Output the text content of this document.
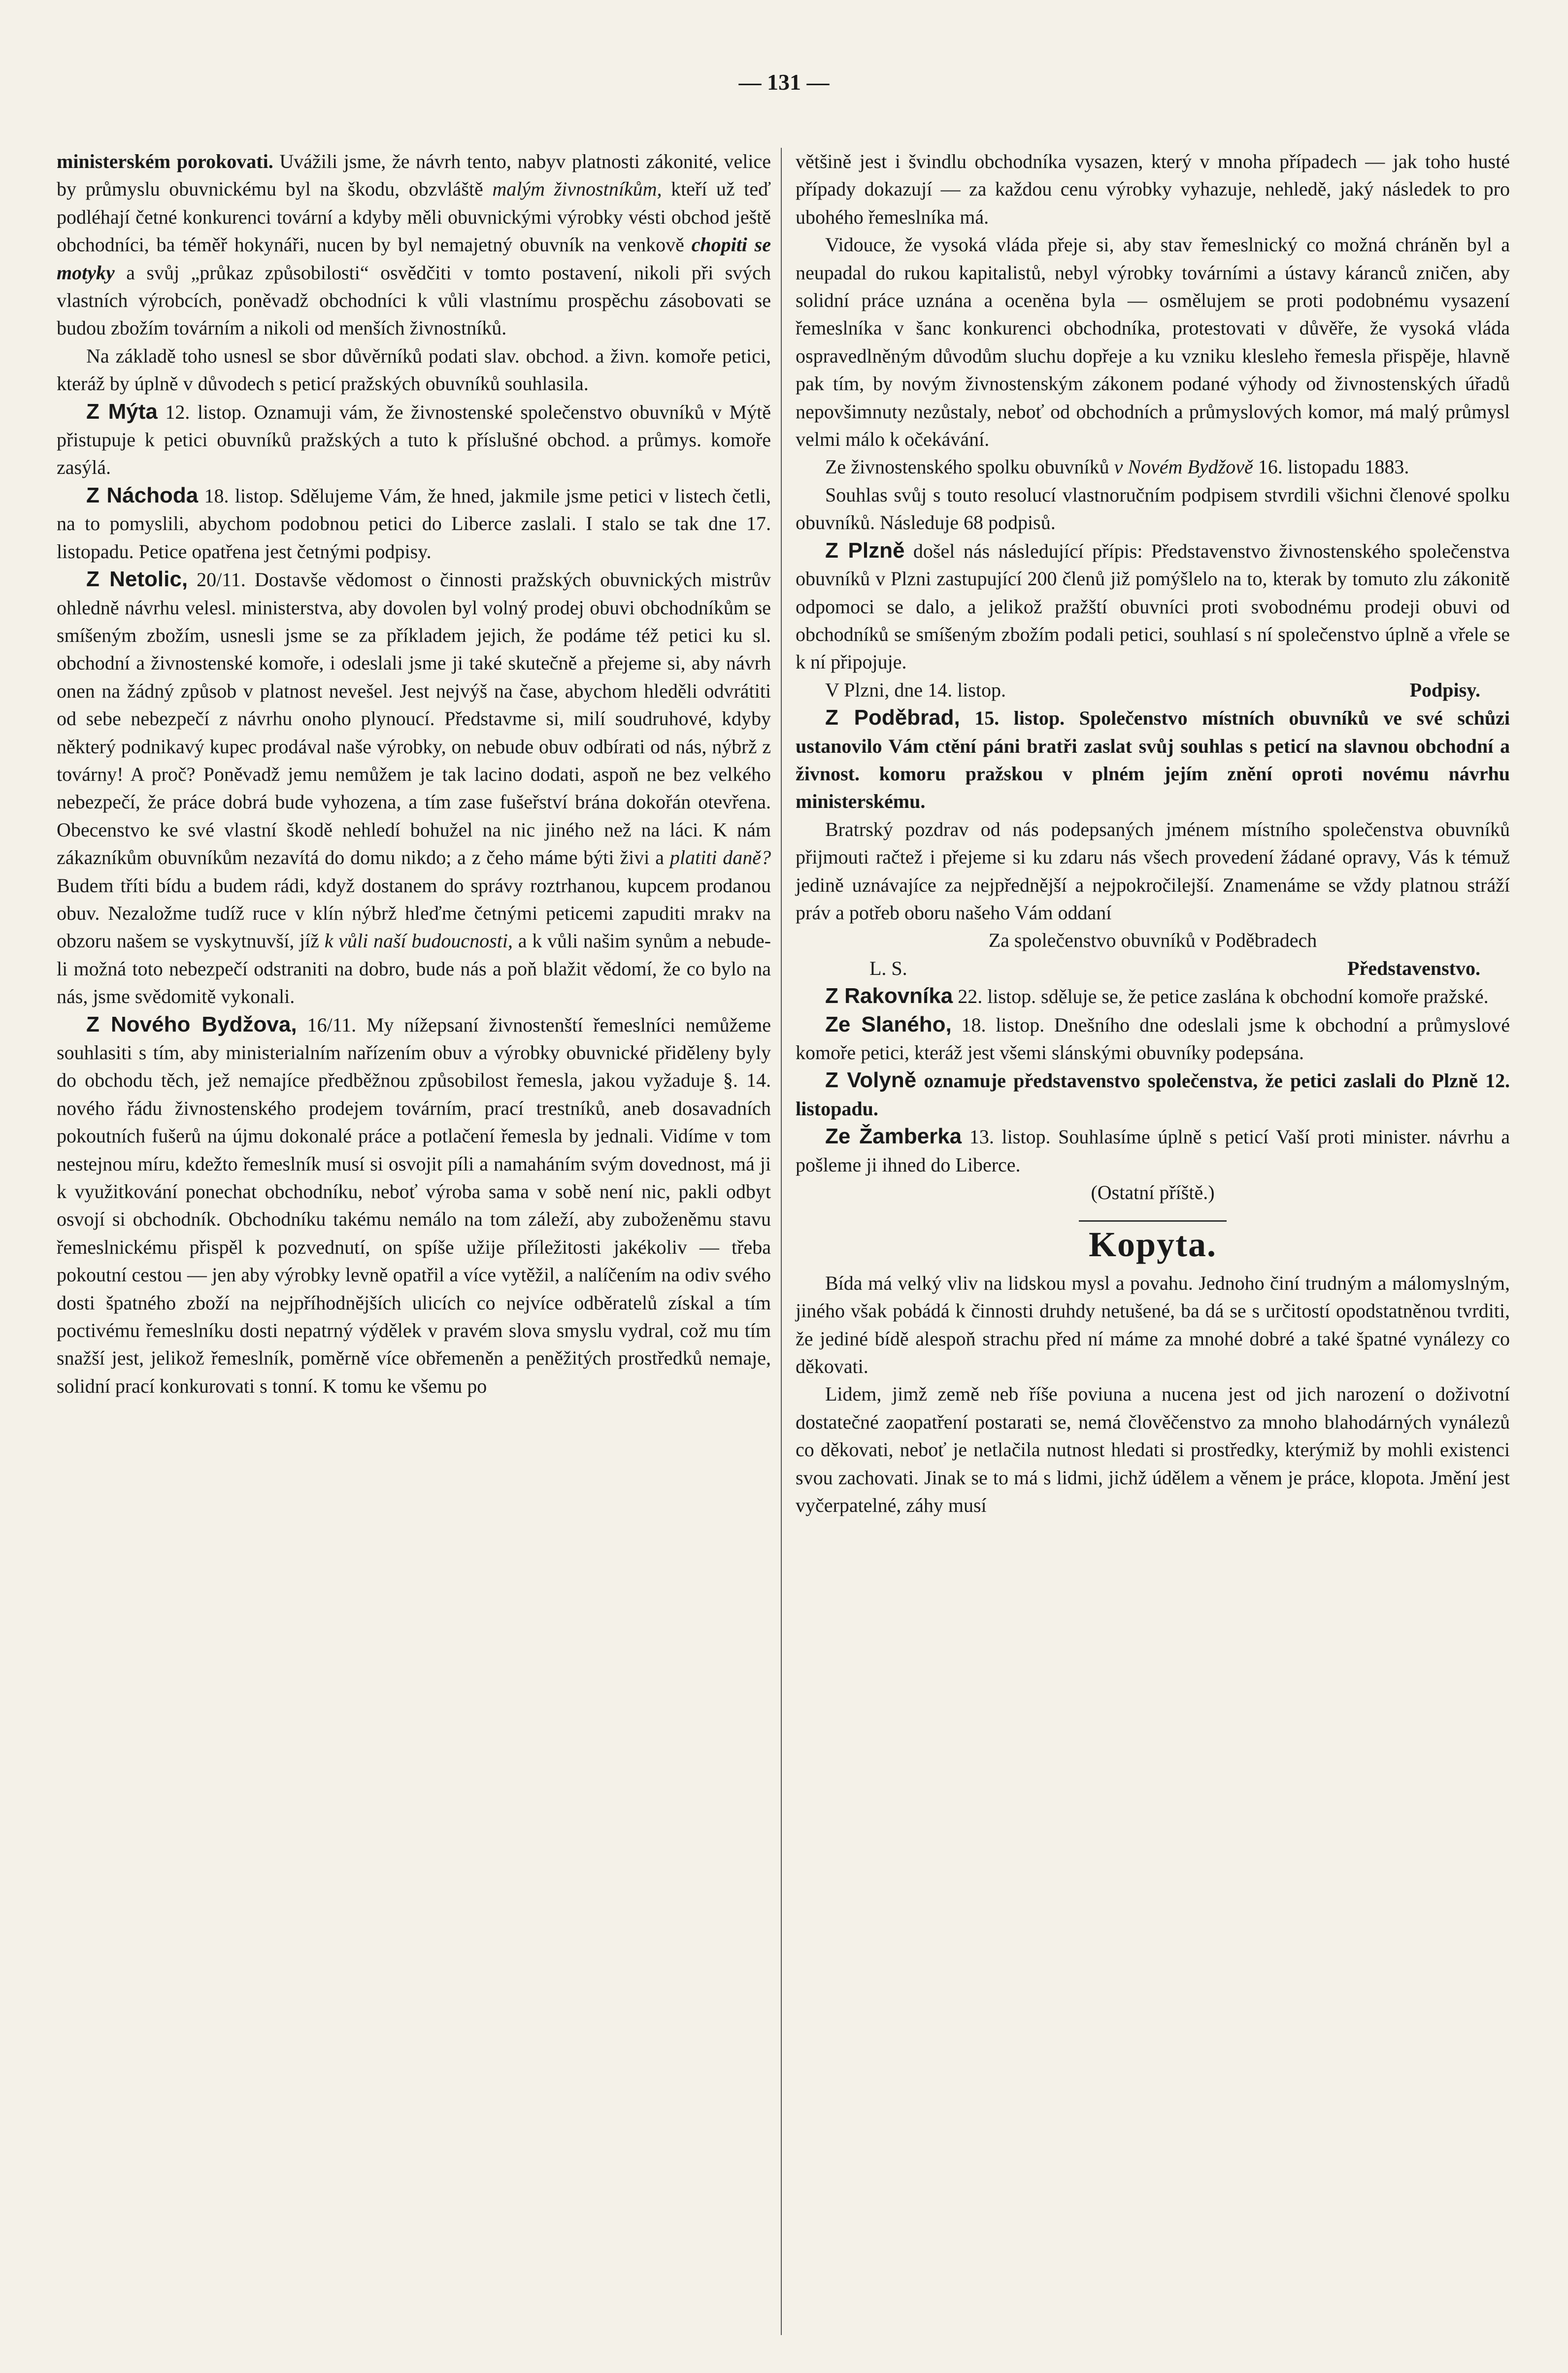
— 131 —

ministerském porokovati. Uvážili jsme, že návrh tento, nabyv platnosti zákonité, velice by průmyslu obuvnickému byl na škodu, obzvláště malým živnostníkům, kteří už teď podléhají četné konkurenci tovární a kdyby měli obuvnickými výrobky vésti obchod ještě obchodníci, ba téměř hokynáři, nucen by byl nemajetný obuvník na venkově chopiti se motyky a svůj „průkaz způsobilosti“ osvědčiti v tomto postavení, nikoli při svých vlastních výrobcích, poněvadž obchodníci k vůli vlastnímu prospěchu zásobovati se budou zbožím továrním a nikoli od menších živnostníků.

Na základě toho usnesl se sbor důvěrníků podati slav. obchod. a živn. komoře petici, kteráž by úplně v důvodech s peticí pražských obuvníků souhlasila.

Z Mýta 12. listop. Oznamuji vám, že živnostenské společenstvo obuvníků v Mýtě přistupuje k petici obuvníků pražských a tuto k příslušné obchod. a průmys. komoře zasýlá.

Z Náchoda 18. listop. Sdělujeme Vám, že hned, jakmile jsme petici v listech četli, na to pomyslili, abychom podobnou petici do Liberce zaslali. I stalo se tak dne 17. listopadu. Petice opatřena jest četnými podpisy.

Z Netolic, 20/11. Dostavše vědomost o činnosti pražských obuvnických mistrův ohledně návrhu velesl. ministerstva, aby dovolen byl volný prodej obuvi obchodníkům se smíšeným zbožím, usnesli jsme se za příkladem jejich, že podáme též petici ku sl. obchodní a živnostenské komoře, i odeslali jsme ji také skutečně a přejeme si, aby návrh onen na žádný způsob v platnost nevešel. Jest nejvýš na čase, abychom hleděli odvrátiti od sebe nebezpečí z návrhu onoho plynoucí. Představme si, milí soudruhové, kdyby některý podnikavý kupec prodával naše výrobky, on nebude obuv odbírati od nás, nýbrž z továrny! A proč? Poněvadž jemu nemůžem je tak lacino dodati, aspoň ne bez velkého nebezpečí, že práce dobrá bude vyhozena, a tím zase fušeřství brána dokořán otevřena. Obecenstvo ke své vlastní škodě nehledí bohužel na nic jiného než na láci. K nám zákazníkům obuvníkům nezavítá do domu nikdo; a z čeho máme býti živi a platiti daně? Budem tříti bídu a budem rádi, když dostanem do správy roztrhanou, kupcem prodanou obuv. Nezaložme tudíž ruce v klín nýbrž hleďme četnými peticemi zapuditi mrakv na obzoru našem se vyskytnuvší, jíž k vůli naší budoucnosti, a k vůli našim synům a nebude-li možná toto nebezpečí odstraniti na dobro, bude nás a poň blažit vědomí, že co bylo na nás, jsme svědomitě vykonali.

Z Nového Bydžova, 16/11. My nížepsaní živnostenští řemeslníci nemůžeme souhlasiti s tím, aby ministerialním nařízením obuv a výrobky obuvnické přiděleny byly do obchodu těch, jež nemajíce předběžnou způsobilost řemesla, jakou vyžaduje §. 14. nového řádu živnostenského prodejem továrním, prací trestníků, aneb dosavadních pokoutních fušerů na újmu dokonalé práce a potlačení řemesla by jednali. Vidíme v tom nestejnou míru, kdežto řemeslník musí si osvojit píli a namaháním svým dovednost, má ji k využitkování ponechat obchodníku, neboť výroba sama v sobě není nic, pakli odbyt osvojí si obchodník. Obchodníku takému nemálo na tom záleží, aby zuboženěmu stavu řemeslnickému přispěl k pozvednutí, on spíše užije příležitosti jakékoliv — třeba pokoutní cestou — jen aby výrobky levně opatřil a více vytěžil, a nalíčením na odiv svého dosti špatného zboží na nejpříhodnějších ulicích co nejvíce odběratelů získal a tím poctivému řemeslníku dosti nepatrný výdělek v pravém slova smyslu vydral, což mu tím snažší jest, jelikož řemeslník, poměrně více obřemeněn a peněžitých prostředků nemaje, solidní prací konkurovati s tonní. K tomu ke všemu po

většině jest i švindlu obchodníka vysazen, který v mnoha případech — jak toho husté případy dokazují — za každou cenu výrobky vyhazuje, nehledě, jaký následek to pro ubohého řemeslníka má.

Vidouce, že vysoká vláda přeje si, aby stav řemeslnický co možná chráněn byl a neupadal do rukou kapitalistů, nebyl výrobky továrními a ústavy káranců zničen, aby solidní práce uznána a oceněna byla — osmělujem se proti podobnému vysazení řemeslníka v šanc konkurenci obchodníka, protestovati v důvěře, že vysoká vláda ospravedlněným důvodům sluchu dopřeje a ku vzniku klesleho řemesla přispěje, hlavně pak tím, by novým živnostenským zákonem podané výhody od živnostenských úřadů nepovšimnuty nezůstaly, neboť od obchodních a průmyslových komor, má malý průmysl velmi málo k očekávání.

Ze živnostenského spolku obuvníků v Novém Bydžově 16. listopadu 1883.

Souhlas svůj s touto resolucí vlastnoručním podpisem stvrdili všichni členové spolku obuvníků. Následuje 68 podpisů.

Z Plzně došel nás následující přípis: Představenstvo živnostenského společenstva obuvníků v Plzni zastupující 200 členů již pomýšlelo na to, kterak by tomuto zlu zákonitě odpomoci se dalo, a jelikož pražští obuvníci proti svobodnému prodeji obuvi od obchodníků se smíšeným zbožím podali petici, souhlasí s ní společenstvo úplně a vřele se k ní připojuje.

V Plzni, dne 14. listop.	Podpisy.

Z Poděbrad, 15. listop. Společenstvo místních obuvníků ve své schůzi ustanovilo Vám ctění páni bratři zaslat svůj souhlas s peticí na slavnou obchodní a živnost. komoru pražskou v plném jejím znění oproti novému návrhu ministerskému.

Bratrský pozdrav od nás podepsaných jménem místního společenstva obuvníků přijmouti račtež i přejeme si ku zdaru nás všech provedení žádané opravy, Vás k témuž jedině uznávajíce za nejpřednější a nejpokročilejší. Znamenáme se vždy platnou stráží práv a potřeb oboru našeho Vám oddaní

Za společenstvo obuvníků v Poděbradech
L. S.	Představenstvo.

Z Rakovníka 22. listop. sděluje se, že petice zaslána k obchodní komoře pražské.

Ze Slaného, 18. listop. Dnešního dne odeslali jsme k obchodní a průmyslové komoře petici, kteráž jest všemi slánskými obuvníky podepsána.

Z Volyně oznamuje představenstvo společenstva, že petici zaslali do Plzně 12. listopadu.

Ze Žamberka 13. listop. Souhlasíme úplně s peticí Vaší proti minister. návrhu a pošleme ji ihned do Liberce.

(Ostatní příště.)
Kopyta.

Bída má velký vliv na lidskou mysl a povahu. Jednoho činí trudným a málomyslným, jiného však pobádá k činnosti druhdy netušené, ba dá se s určitostí opodstatněnou tvrditi, že jediné bídě alespoň strachu před ní máme za mnohé dobré a také špatné vynálezy co děkovati.

Lidem, jimž země neb říše poviuna a nucena jest od jich narození o doživotní dostatečné zaopatření postarati se, nemá člověčenstvo za mnoho blahodárných vynálezů co děkovati, neboť je netlačila nutnost hledati si prostředky, kterýmiž by mohli existenci svou zachovati. Jinak se to má s lidmi, jichž údělem a věnem je práce, klopota. Jmění jest vyčerpatelné, záhy musí
